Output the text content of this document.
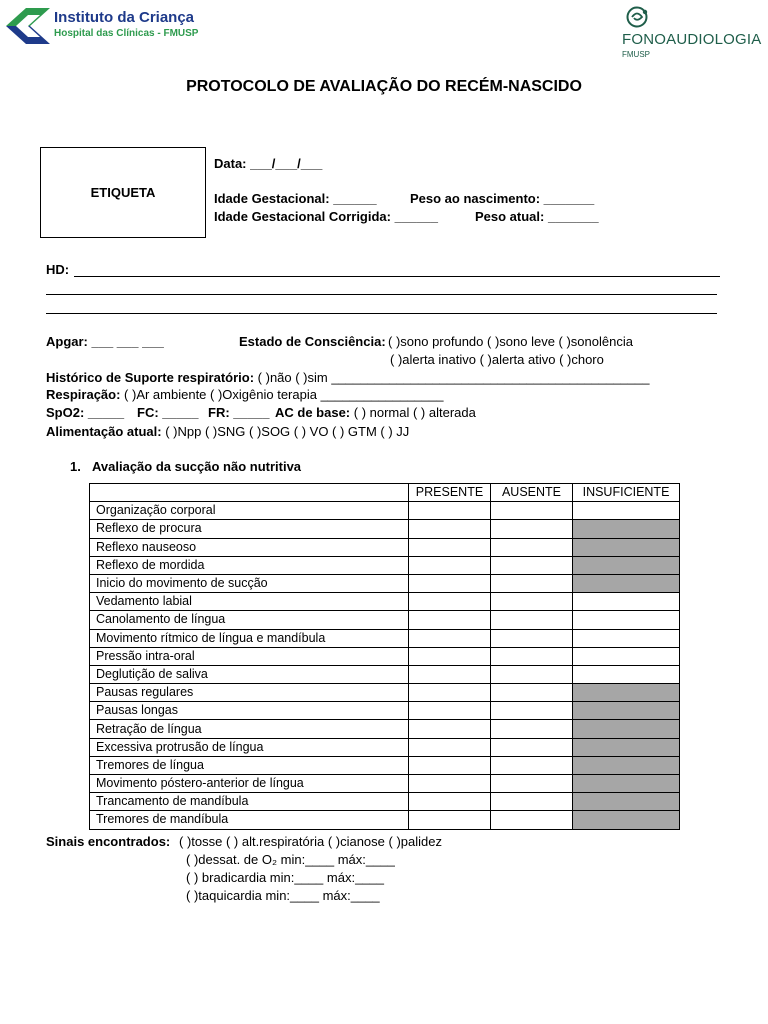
Instituto da Criança
Hospital das Clínicas - FMUSP	FONOAUDIOLOGIA
FMUSP
PROTOCOLO DE AVALIAÇÃO DO RECÉM-NASCIDO
ETIQUETA
Data: ___/___/___
Idade Gestacional: ______	Peso ao nascimento: _______
Idade Gestacional Corrigida: ______	Peso atual: _______
HD:
Apgar: ___ ___ ___	Estado de Consciência: ( )sono profundo ( )sono leve ( )sonolência
( )alerta inativo ( )alerta ativo ( )choro
Histórico de Suporte respiratório: ( )não ( )sim ____________________________________________
Respiração: ( )Ar ambiente ( )Oxigênio terapia _________________
SpO2: _____ FC: _____ FR: _____ AC de base: ( ) normal ( ) alterada
Alimentação atual: ( )Npp ( )SNG ( )SOG ( ) VO ( ) GTM ( ) JJ
1. Avaliação da sucção não nutritiva
	PRESENTE	AUSENTE	INSUFICIENTE
Organização corporal			
Reflexo de procura			
Reflexo nauseoso			
Reflexo de mordida			
Inicio do movimento de sucção			
Vedamento labial			
Canolamento de língua			
Movimento rítmico de língua e mandíbula			
Pressão intra-oral			
Deglutição de saliva			
Pausas regulares			
Pausas longas			
Retração de língua			
Excessiva protrusão de língua			
Tremores de língua			
Movimento póstero-anterior de língua			
Trancamento de mandíbula			
Tremores de mandíbula			
Sinais encontrados: ( )tosse ( ) alt.respiratória ( )cianose ( )palidez
( )dessat. de O₂ min:____ máx:____
( ) bradicardia min:____ máx:____
( )taquicardia min:____ máx:____
